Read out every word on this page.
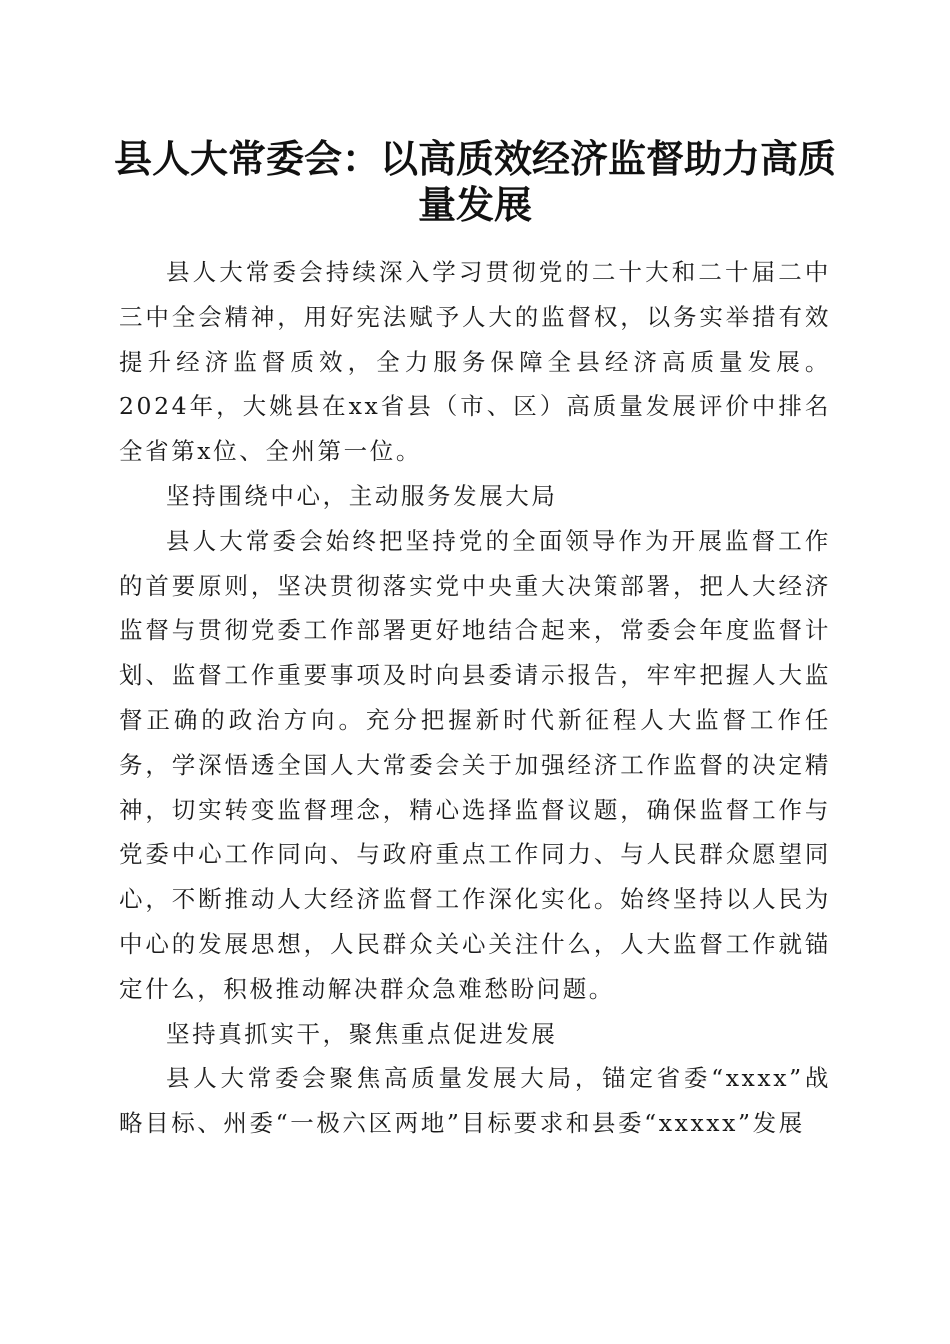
县人大常委会：以高质效经济监督助力高质量发展

县人大常委会持续深入学习贯彻党的二十大和二十届二中三中全会精神，用好宪法赋予人大的监督权，以务实举措有效提升经济监督质效，全力服务保障全县经济高质量发展。2024年，大姚县在xx省县（市、区）高质量发展评价中排名全省第x位、全州第一位。

坚持围绕中心，主动服务发展大局

县人大常委会始终把坚持党的全面领导作为开展监督工作的首要原则，坚决贯彻落实党中央重大决策部署，把人大经济监督与贯彻党委工作部署更好地结合起来，常委会年度监督计划、监督工作重要事项及时向县委请示报告，牢牢把握人大监督正确的政治方向。充分把握新时代新征程人大监督工作任务，学深悟透全国人大常委会关于加强经济工作监督的决定精神，切实转变监督理念，精心选择监督议题，确保监督工作与党委中心工作同向、与政府重点工作同力、与人民群众愿望同心，不断推动人大经济监督工作深化实化。始终坚持以人民为中心的发展思想，人民群众关心关注什么，人大监督工作就锚定什么，积极推动解决群众急难愁盼问题。

坚持真抓实干，聚焦重点促进发展

县人大常委会聚焦高质量发展大局，锚定省委“xxxx”战略目标、州委“一极六区两地”目标要求和县委“xxxxx”发展
